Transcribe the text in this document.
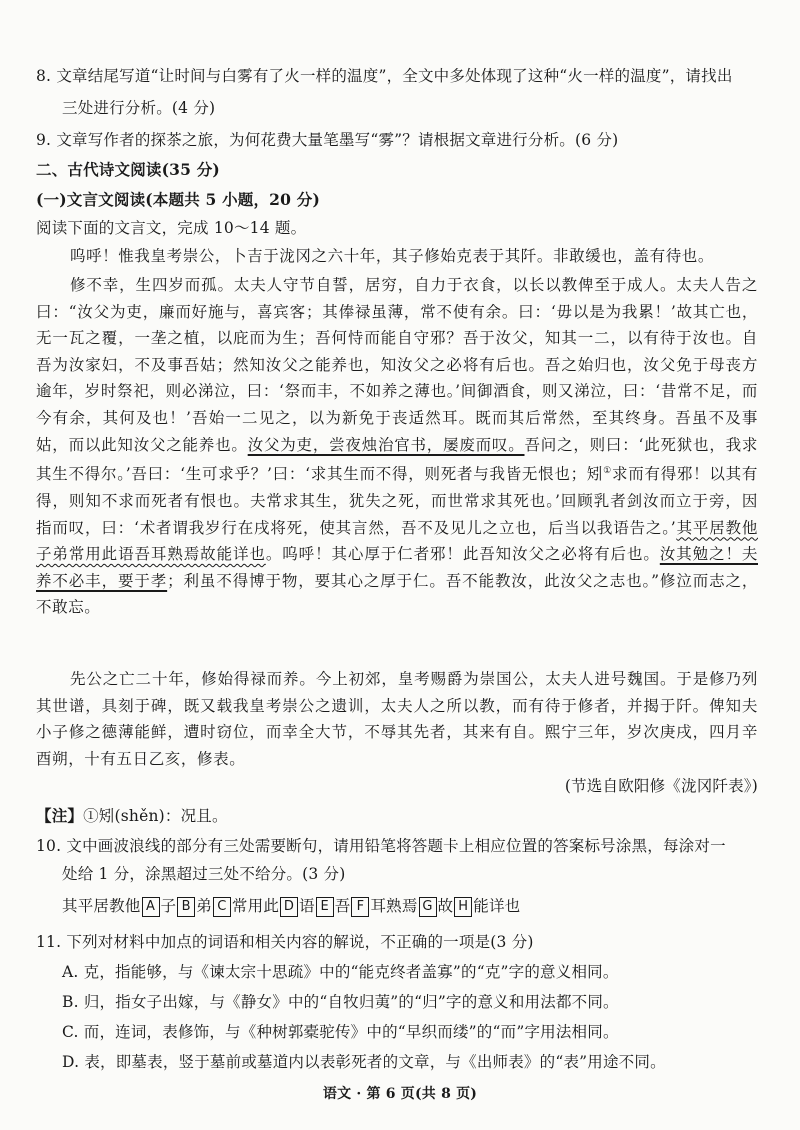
8. 文章结尾写道“让时间与白雾有了火一样的温度”，全文中多处体现了这种“火一样的温度”，请找出
三处进行分析。(4 分)
9. 文章写作者的探茶之旅，为何花费大量笔墨写“雾”？请根据文章进行分析。(6 分)
二、古代诗文阅读(35 分)
(一)文言文阅读(本题共 5 小题，20 分)
阅读下面的文言文，完成 10～14 题。
呜呼！惟我皇考崇公，卜吉于泷冈之六十年，其子修始克表于其阡。非敢缓也，盖有待也。
修不幸，生四岁而孤。太夫人守节自誓，居穷，自力于衣食，以长以教俾至于成人。太夫人告之曰：“汝父为吏，廉而好施与，喜宾客；其俸禄虽薄，常不使有余。曰：‘毋以是为我累！’故其亡也，无一瓦之覆，一垄之植，以庇而为生；吾何恃而能自守邪？吾于汝父，知其一二，以有待于汝也。自吾为汝家妇，不及事吾姑；然知汝父之能养也，知汝父之必将有后也。吾之始归也，汝父免于母丧方逾年，岁时祭祀，则必涕泣，曰：‘祭而丰，不如养之薄也。’间御酒食，则又涕泣，曰：‘昔常不足，而今有余，其何及也！’吾始一二见之，以为新免于丧适然耳。既而其后常然，至其终身。吾虽不及事姑，而以此知汝父之能养也。汝父为吏，尝夜烛治官书，屡废而叹。吾问之，则曰：‘此死狱也，我求其生不得尔。’吾曰：‘生可求乎？’曰：‘求其生而不得，则死者与我皆无恨也；矧①求而有得邪！以其有得，则知不求而死者有恨也。夫常求其生，犹失之死，而世常求其死也。’回顾乳者剑汝而立于旁，因指而叹，曰：‘术者谓我岁行在戌将死，使其言然，吾不及见儿之立也，后当以我语告之。’其平居教他子弟常用此语吾耳熟焉故能详也。呜呼！其心厚于仁者邪！此吾知汝父之必将有后也。汝其勉之！夫养不必丰，要于孝；利虽不得博于物，要其心之厚于仁。吾不能教汝，此汝父之志也。”修泣而志之，不敢忘。
先公之亡二十年，修始得禄而养。今上初郊，皇考赐爵为崇国公，太夫人进号魏国。于是修乃列其世谱，具刻于碑，既又载我皇考崇公之遗训，太夫人之所以教，而有待于修者，并揭于阡。俾知夫小子修之德薄能鲜，遭时窃位，而幸全大节，不辱其先者，其来有自。熙宁三年，岁次庚戌，四月辛酉朔，十有五日乙亥，修表。
(节选自欧阳修《泷冈阡表》)
【注】①矧(shěn)：况且。
10. 文中画波浪线的部分有三处需要断句，请用铅笔将答题卡上相应位置的答案标号涂黑，每涂对一
处给 1 分，涂黑超过三处不给分。(3 分)
其平居教他 A 子 B 弟 C 常用此 D 语 E 吾 F 耳熟焉 G 故 H 能详也
11. 下列对材料中加点的词语和相关内容的解说，不正确的一项是(3 分)
A. 克，指能够，与《谏太宗十思疏》中的“能克终者盖寡”的“克”字的意义相同。
B. 归，指女子出嫁，与《静女》中的“自牧归荑”的“归”字的意义和用法都不同。
C. 而，连词，表修饰，与《种树郭橐驼传》中的“早织而缕”的“而”字用法相同。
D. 表，即墓表，竖于墓前或墓道内以表彰死者的文章，与《出师表》的“表”用途不同。
语文 · 第 6 页(共 8 页)
